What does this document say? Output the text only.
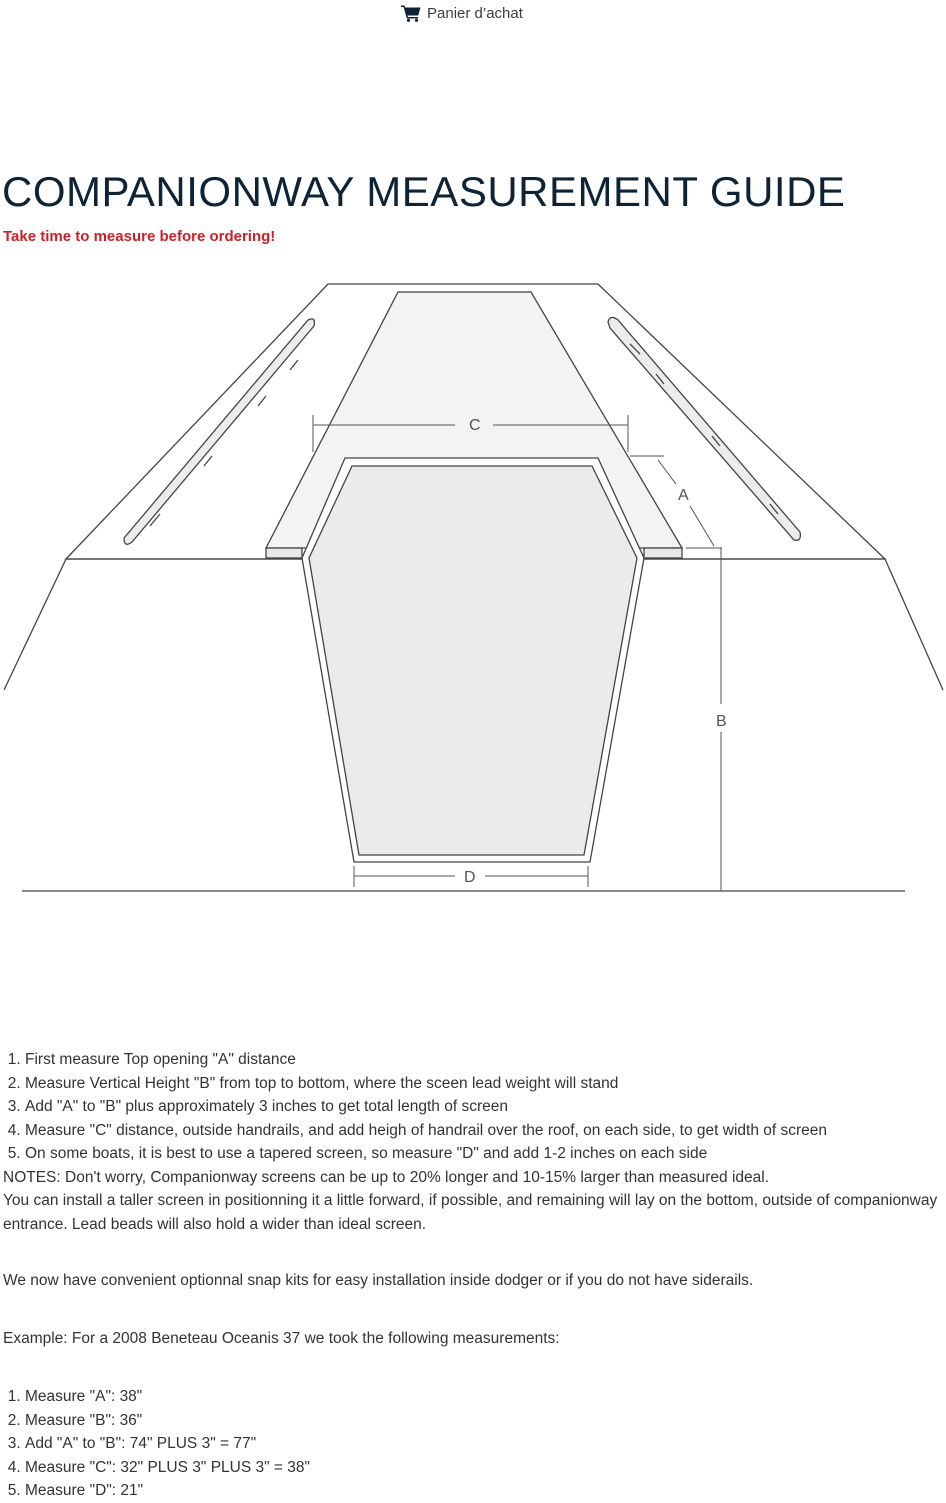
Panier d’achat
COMPANIONWAY MEASUREMENT GUIDE

Take time to measure before ordering!

C
A
B
D
1. First measure Top opening "A" distance
2. Measure Vertical Height "B" from top to bottom, where the sceen lead weight will stand
3. Add "A" to "B" plus approximately 3 inches to get total length of screen
4. Measure "C" distance, outside handrails, and add heigh of handrail over the roof, on each side, to get width of screen
5. On some boats, it is best to use a tapered screen, so measure "D" and add 1-2 inches on each side

NOTES: Don't worry, Companionway screens can be up to 20% longer and 10-15% larger than measured ideal.

You can install a taller screen in positionning it a little forward, if possible, and remaining will lay on the bottom, outside of companionway entrance. Lead beads will also hold a wider than ideal screen.

We now have convenient optionnal snap kits for easy installation inside dodger or if you do not have siderails.

Example: For a 2008 Beneteau Oceanis 37 we took the following measurements:

1. Measure "A": 38"
2. Measure "B": 36"
3. Add "A" to "B": 74" PLUS 3" = 77"
4. Measure "C": 32" PLUS 3" PLUS 3" = 38"
5. Measure "D": 21"
